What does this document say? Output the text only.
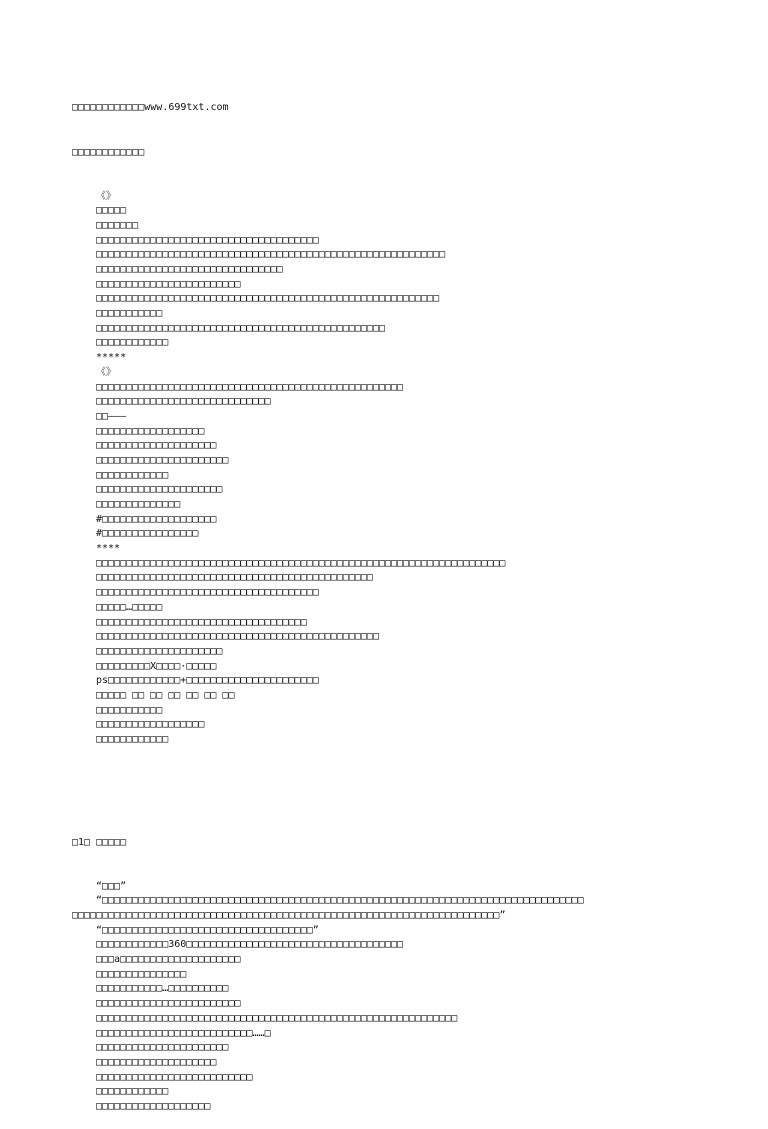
□□□□□□□□□□□□www.699txt.com

□□□□□□□□□□□□

《》
□□□□□
□□□□□□□
□□□□□□□□□□□□□□□□□□□□□□□□□□□□□□□□□□□□□
□□□□□□□□□□□□□□□□□□□□□□□□□□□□□□□□□□□□□□□□□□□□□□□□□□□□□□□□□□
□□□□□□□□□□□□□□□□□□□□□□□□□□□□□□□
□□□□□□□□□□□□□□□□□□□□□□□□
□□□□□□□□□□□□□□□□□□□□□□□□□□□□□□□□□□□□□□□□□□□□□□□□□□□□□□□□□
□□□□□□□□□□□
□□□□□□□□□□□□□□□□□□□□□□□□□□□□□□□□□□□□□□□□□□□□□□□□
□□□□□□□□□□□□
*****
《》
□□□□□□□□□□□□□□□□□□□□□□□□□□□□□□□□□□□□□□□□□□□□□□□□□□□
□□□□□□□□□□□□□□□□□□□□□□□□□□□□□
□□———
□□□□□□□□□□□□□□□□□□
□□□□□□□□□□□□□□□□□□□□
□□□□□□□□□□□□□□□□□□□□□□
□□□□□□□□□□□□
□□□□□□□□□□□□□□□□□□□□□
□□□□□□□□□□□□□□
#□□□□□□□□□□□□□□□□□□□
#□□□□□□□□□□□□□□□□
****
□□□□□□□□□□□□□□□□□□□□□□□□□□□□□□□□□□□□□□□□□□□□□□□□□□□□□□□□□□□□□□□□□□□□
□□□□□□□□□□□□□□□□□□□□□□□□□□□□□□□□□□□□□□□□□□□□□□
□□□□□□□□□□□□□□□□□□□□□□□□□□□□□□□□□□□□□
□□□□□…□□□□□
□□□□□□□□□□□□□□□□□□□□□□□□□□□□□□□□□□□
□□□□□□□□□□□□□□□□□□□□□□□□□□□□□□□□□□□□□□□□□□□□□□□
□□□□□□□□□□□□□□□□□□□□□
□□□□□□□□□X□□□□·□□□□□
ps□□□□□□□□□□□□+□□□□□□□□□□□□□□□□□□□□□□
□□□□□ □□ □□ □□ □□ □□ □□
□□□□□□□□□□□
□□□□□□□□□□□□□□□□□□
□□□□□□□□□□□□

□1□ □□□□□

“□□□”
“□□□□□□□□□□□□□□□□□□□□□□□□□□□□□□□□□□□□□□□□□□□□□□□□□□□□□□□□□□□□□□□□□□□□□□□□□□□□□□□□
□□□□□□□□□□□□□□□□□□□□□□□□□□□□□□□□□□□□□□□□□□□□□□□□□□□□□□□□□□□□□□□□□□□□□□□”
“□□□□□□□□□□□□□□□□□□□□□□□□□□□□□□□□□□□”
□□□□□□□□□□□□360□□□□□□□□□□□□□□□□□□□□□□□□□□□□□□□□□□□□
□□□a□□□□□□□□□□□□□□□□□□□□
□□□□□□□□□□□□□□□
□□□□□□□□□□□…□□□□□□□□□□
□□□□□□□□□□□□□□□□□□□□□□□□
□□□□□□□□□□□□□□□□□□□□□□□□□□□□□□□□□□□□□□□□□□□□□□□□□□□□□□□□□□□□
□□□□□□□□□□□□□□□□□□□□□□□□□□……□
□□□□□□□□□□□□□□□□□□□□□□
□□□□□□□□□□□□□□□□□□□□
□□□□□□□□□□□□□□□□□□□□□□□□□□
□□□□□□□□□□□□
□□□□□□□□□□□□□□□□□□□
